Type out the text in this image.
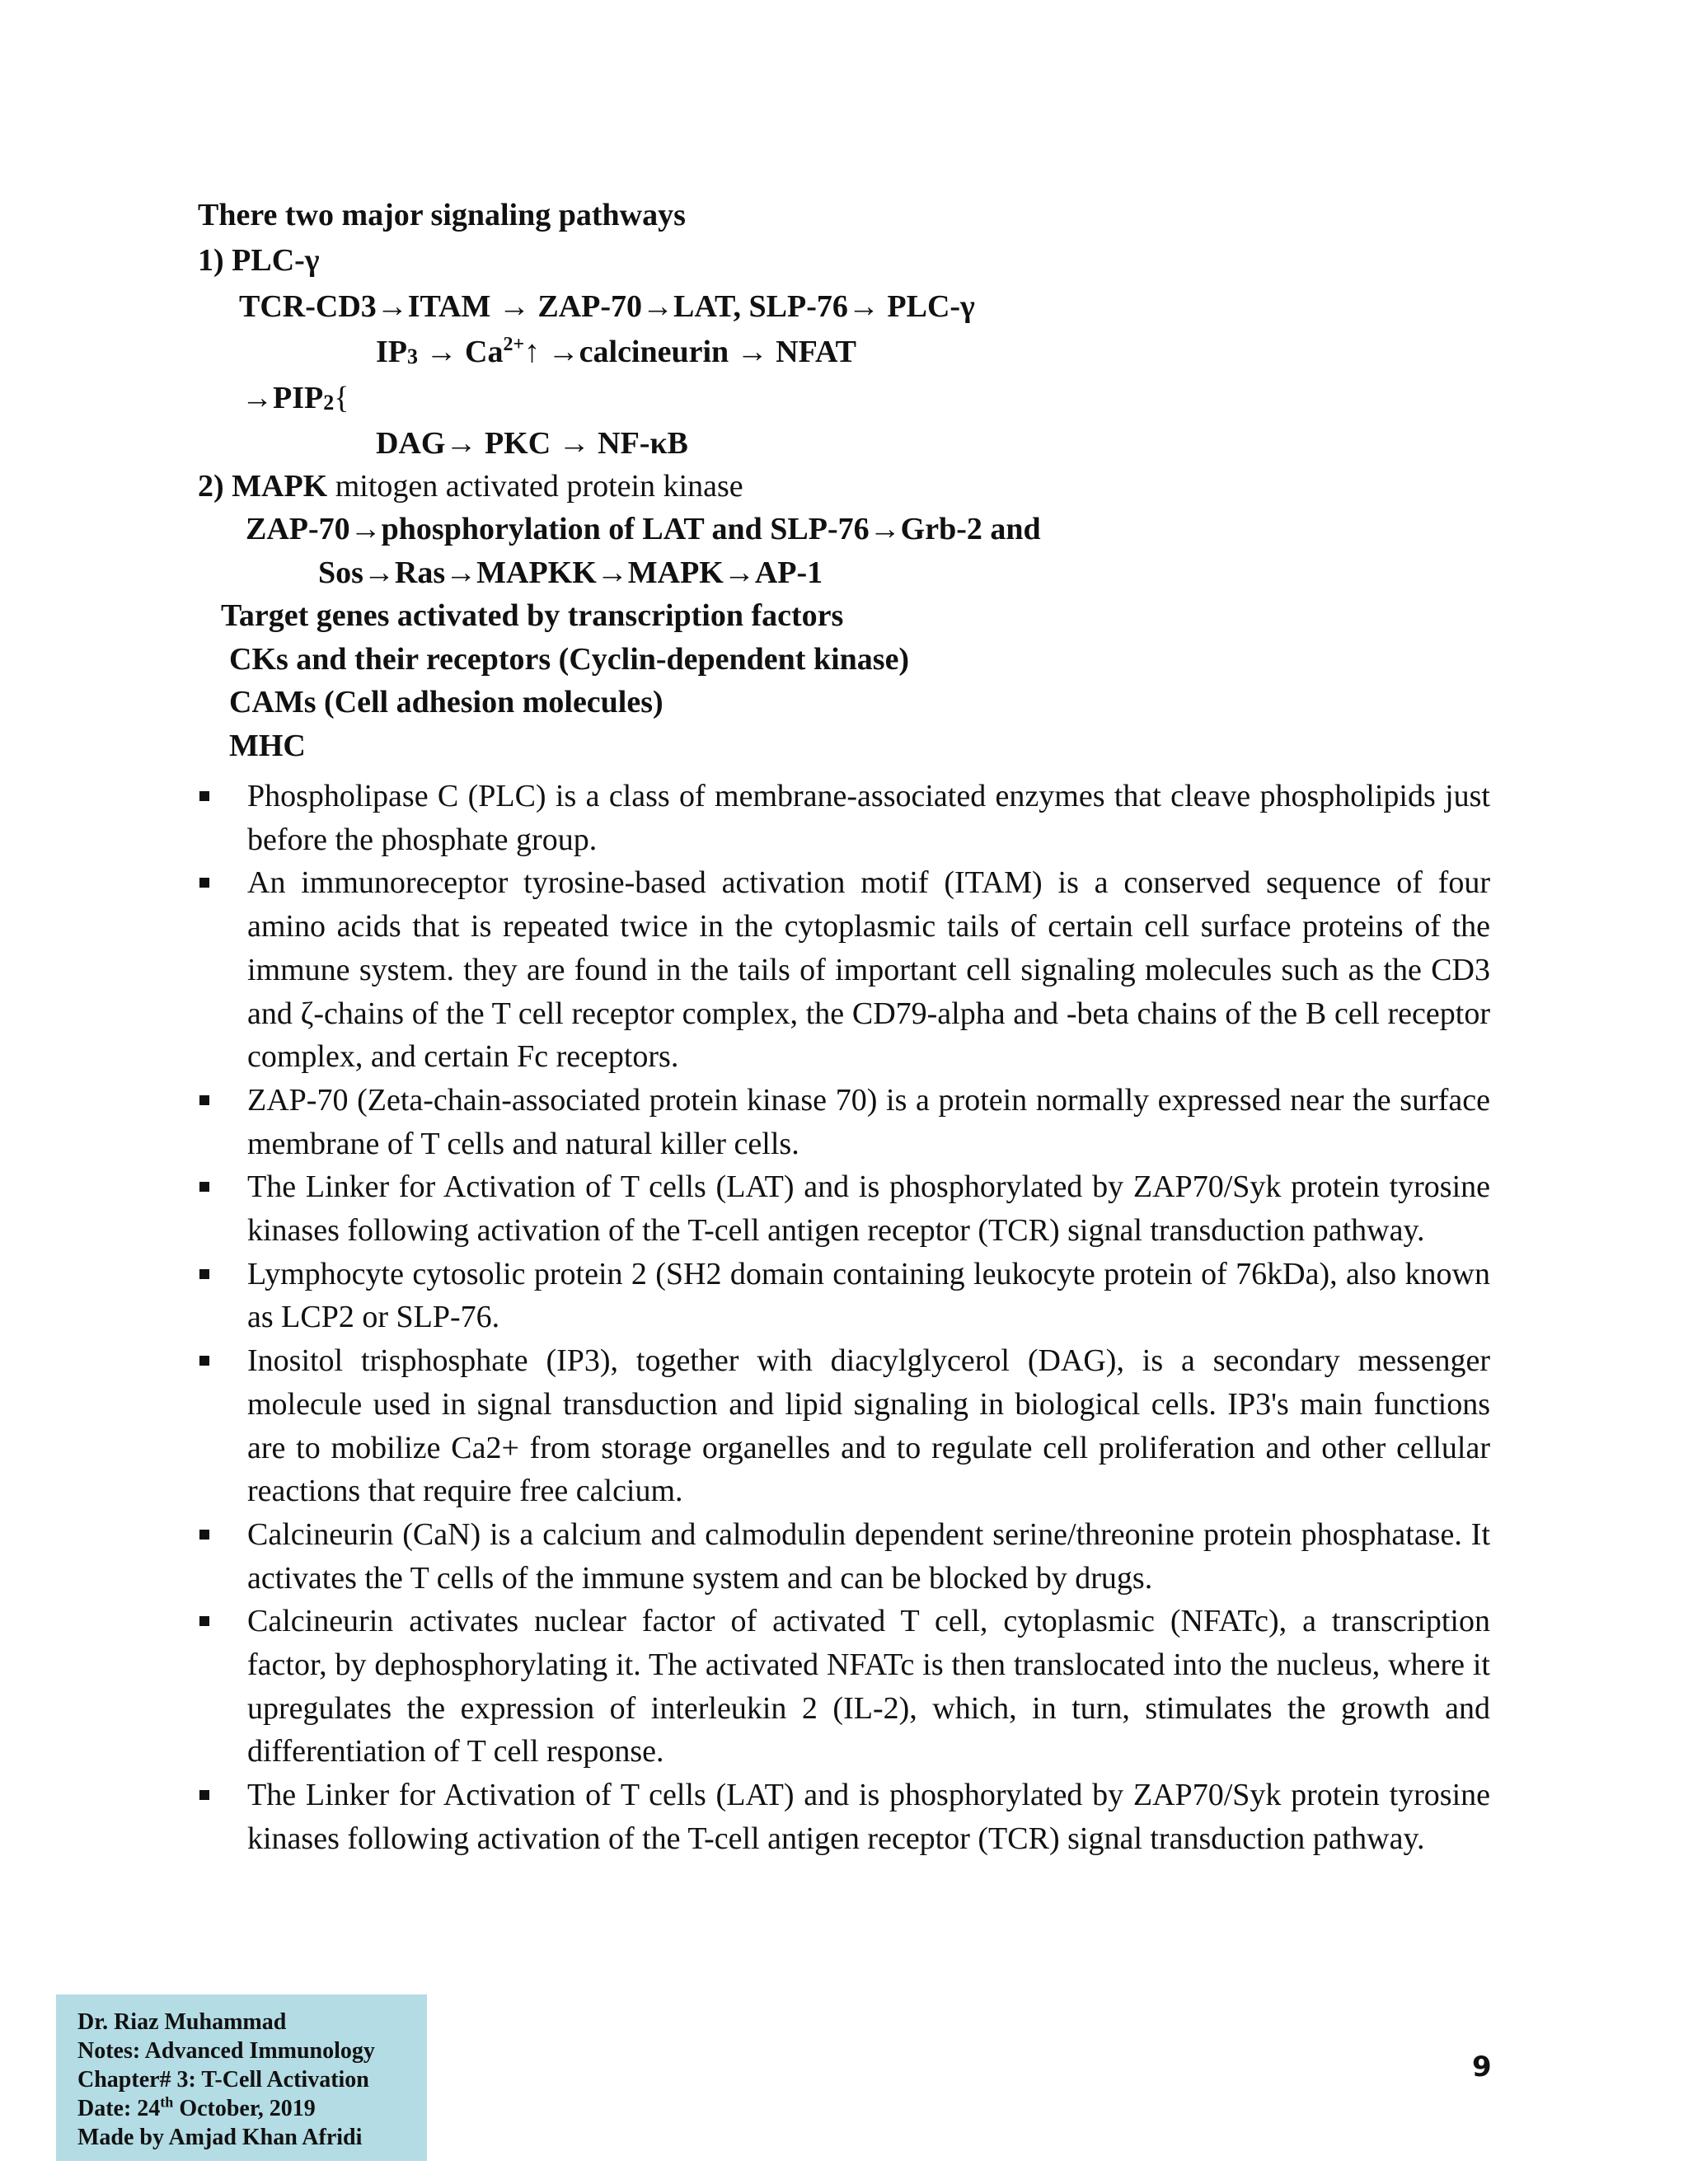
There two major signaling pathways
1) PLC-γ
TCR-CD3→ITAM → ZAP-70→LAT, SLP-76→ PLC-γ
$IP_3$ → $Ca^{2+}↑$ →calcineurin → NFAT
$\to PIP_2${
DAG→ PKC → NF-κB
2) MAPK mitogen activated protein kinase
ZAP-70→phosphorylation of LAT and SLP-76→Grb-2 and
Sos→Ras→MAPKK→MAPK→AP-1
Target genes activated by transcription factors
CKs and their receptors (Cyclin-dependent kinase)
CAMs (Cell adhesion molecules)
MHC
Phospholipase C (PLC) is a class of membrane-associated enzymes that cleave phospholipids just before the phosphate group.
An immunoreceptor tyrosine-based activation motif (ITAM) is a conserved sequence of four amino acids that is repeated twice in the cytoplasmic tails of certain cell surface proteins of the immune system. they are found in the tails of important cell signaling molecules such as the CD3 and ζ-chains of the T cell receptor complex, the CD79-alpha and -beta chains of the B cell receptor complex, and certain Fc receptors.
ZAP-70 (Zeta-chain-associated protein kinase 70) is a protein normally expressed near the surface membrane of T cells and natural killer cells.
The Linker for Activation of T cells (LAT) and is phosphorylated by ZAP70/Syk protein tyrosine kinases following activation of the T-cell antigen receptor (TCR) signal transduction pathway.
Lymphocyte cytosolic protein 2 (SH2 domain containing leukocyte protein of 76kDa), also known as LCP2 or SLP-76.
Inositol trisphosphate (IP3), together with diacylglycerol (DAG), is a secondary messenger molecule used in signal transduction and lipid signaling in biological cells. IP3's main functions are to mobilize Ca2+ from storage organelles and to regulate cell proliferation and other cellular reactions that require free calcium.
Calcineurin (CaN) is a calcium and calmodulin dependent serine/threonine protein phosphatase. It activates the T cells of the immune system and can be blocked by drugs.
Calcineurin activates nuclear factor of activated T cell, cytoplasmic (NFATc), a transcription factor, by dephosphorylating it. The activated NFATc is then translocated into the nucleus, where it upregulates the expression of interleukin 2 (IL-2), which, in turn, stimulates the growth and differentiation of T cell response.
The Linker for Activation of T cells (LAT) and is phosphorylated by ZAP70/Syk protein tyrosine kinases following activation of the T-cell antigen receptor (TCR) signal transduction pathway.
Dr. Riaz Muhammad
Notes: Advanced Immunology
Chapter# 3: T-Cell Activation
Date: 24th October, 2019
Made by Amjad Khan Afridi
9
